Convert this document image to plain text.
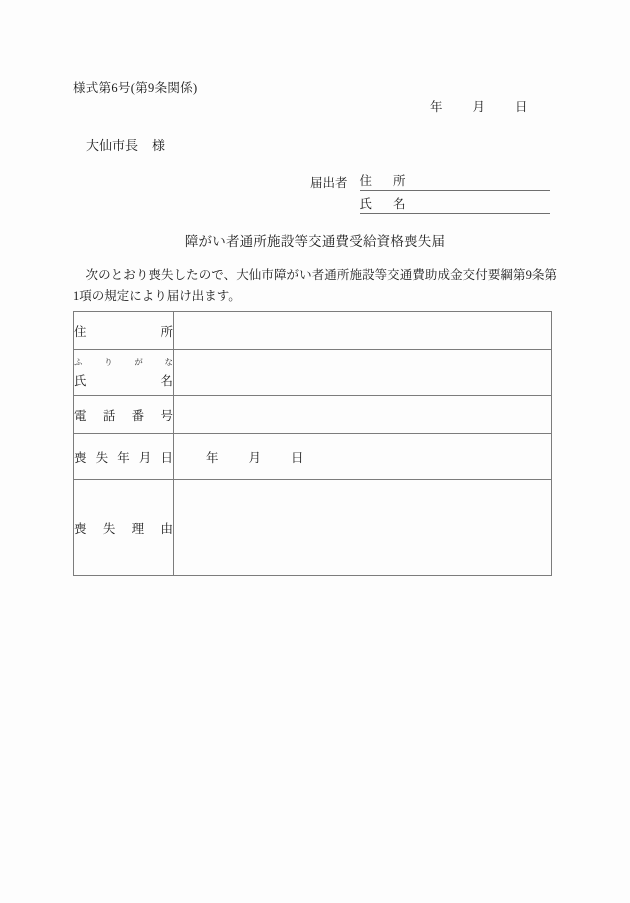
様式第6号(第9条関係)
年 月 日
大仙市長 様
届出者 住　所
氏　名
障がい者通所施設等交通費受給資格喪失届
次のとおり喪失したので、大仙市障がい者通所施設等交通費助成金交付要綱第9条第1項の規定により届け出ます。
住　　　所	

ふ　り　が　な
氏　　　名	

電 話 番 号	

喪 失 年 月 日	年 月 日

喪　失　理　由	
